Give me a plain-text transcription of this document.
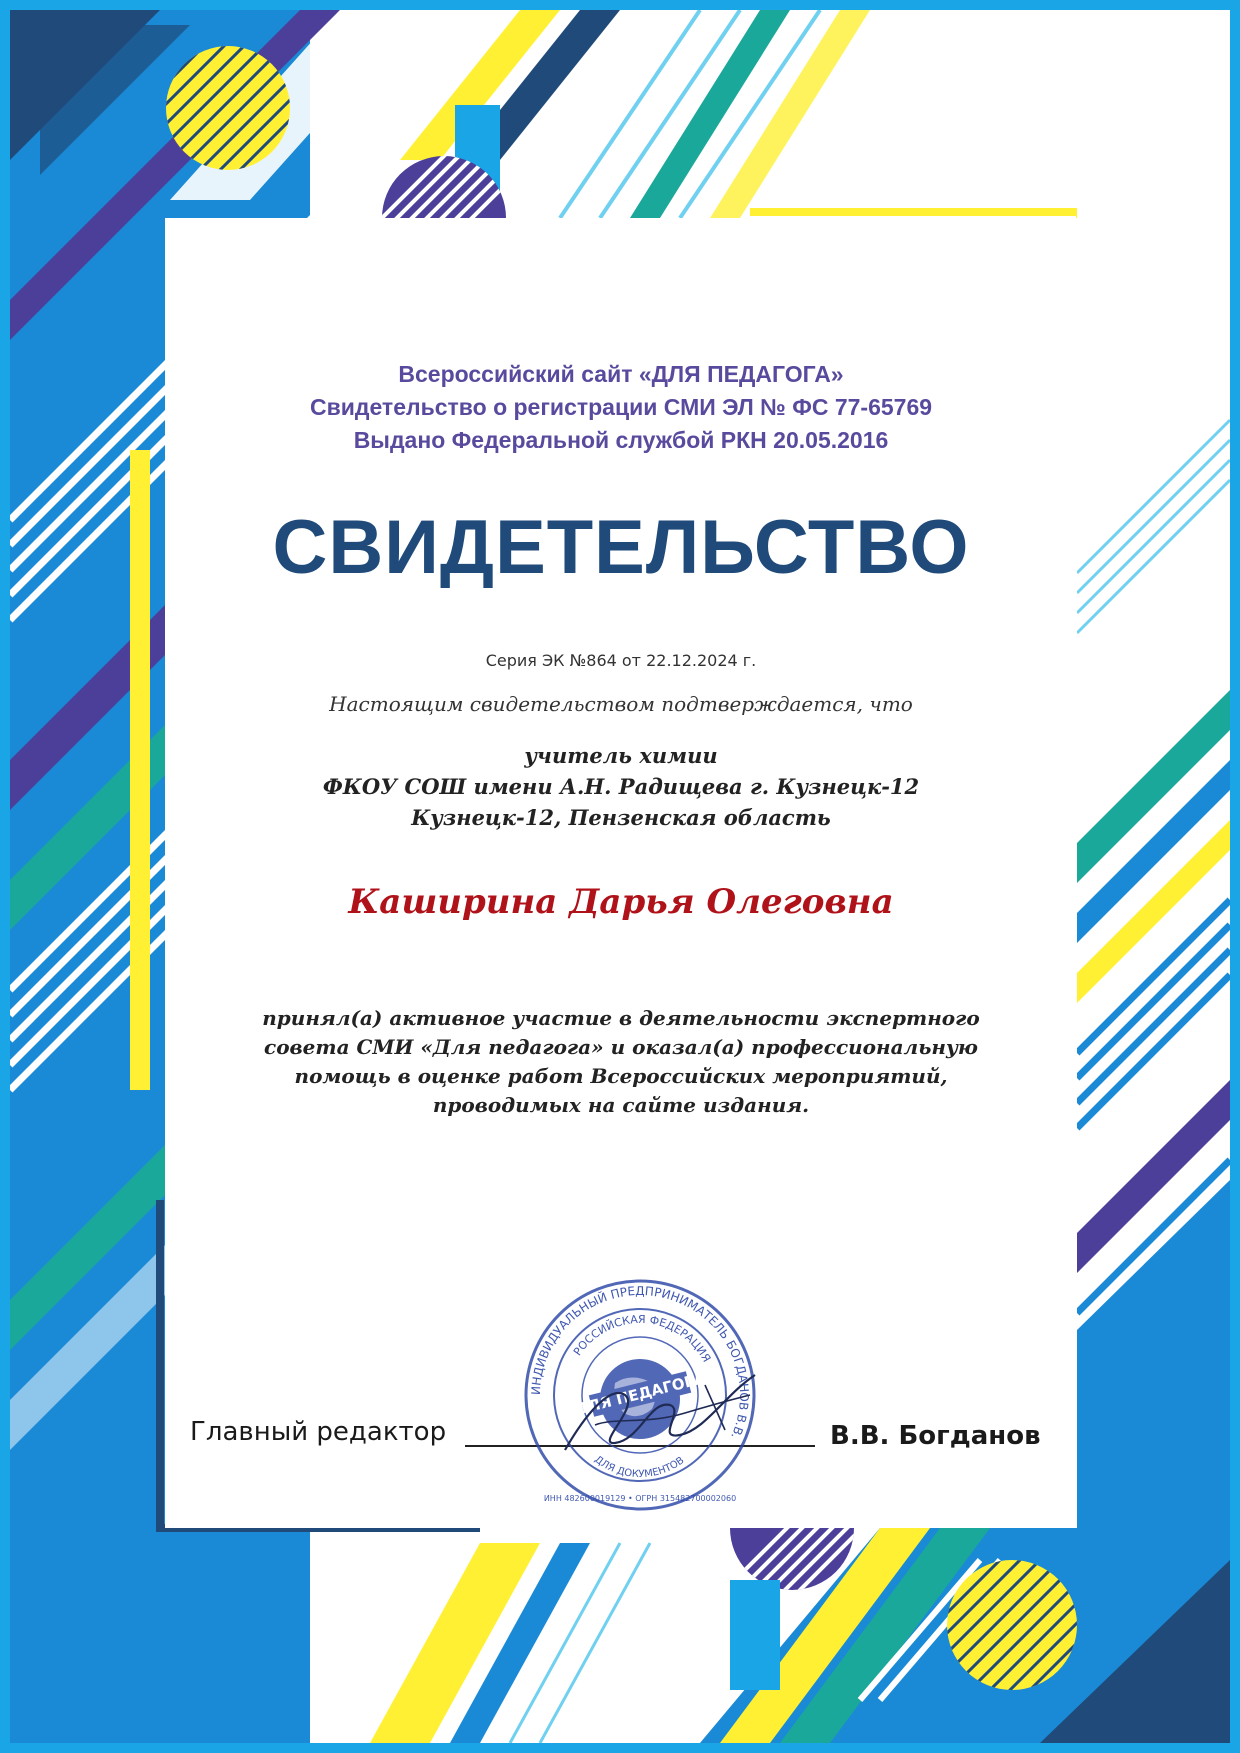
Всероссийский сайт «ДЛЯ ПЕДАГОГА»
Свидетельство о регистрации СМИ ЭЛ № ФС 77-65769
Выдано Федеральной службой РКН 20.05.2016
СВИДЕТЕЛЬСТВО
Серия ЭК №864 от 22.12.2024 г.
Настоящим свидетельством подтверждается, что
учитель химии
ФКОУ СОШ имени А.Н. Радищева г. Кузнецк-12
Кузнецк-12, Пензенская область
Каширина Дарья Олеговна
принял(а) активное участие в деятельности экспертного
совета СМИ «Для педагога» и оказал(а) профессиональную
помощь в оценке работ Всероссийских мероприятий,
проводимых на сайте издания.
Главный редактор	В.В. Богданов
ИНДИВИДУАЛЬНЫЙ ПРЕДПРИНИМАТЕЛЬ БОГДАНОВ В.В.
РОССИЙСКАЯ ФЕДЕРАЦИЯ
ДЛЯ ПЕДАГОГА
ДЛЯ ДОКУМЕНТОВ
ИНН 482600019129 • ОГРН 315482700002060
